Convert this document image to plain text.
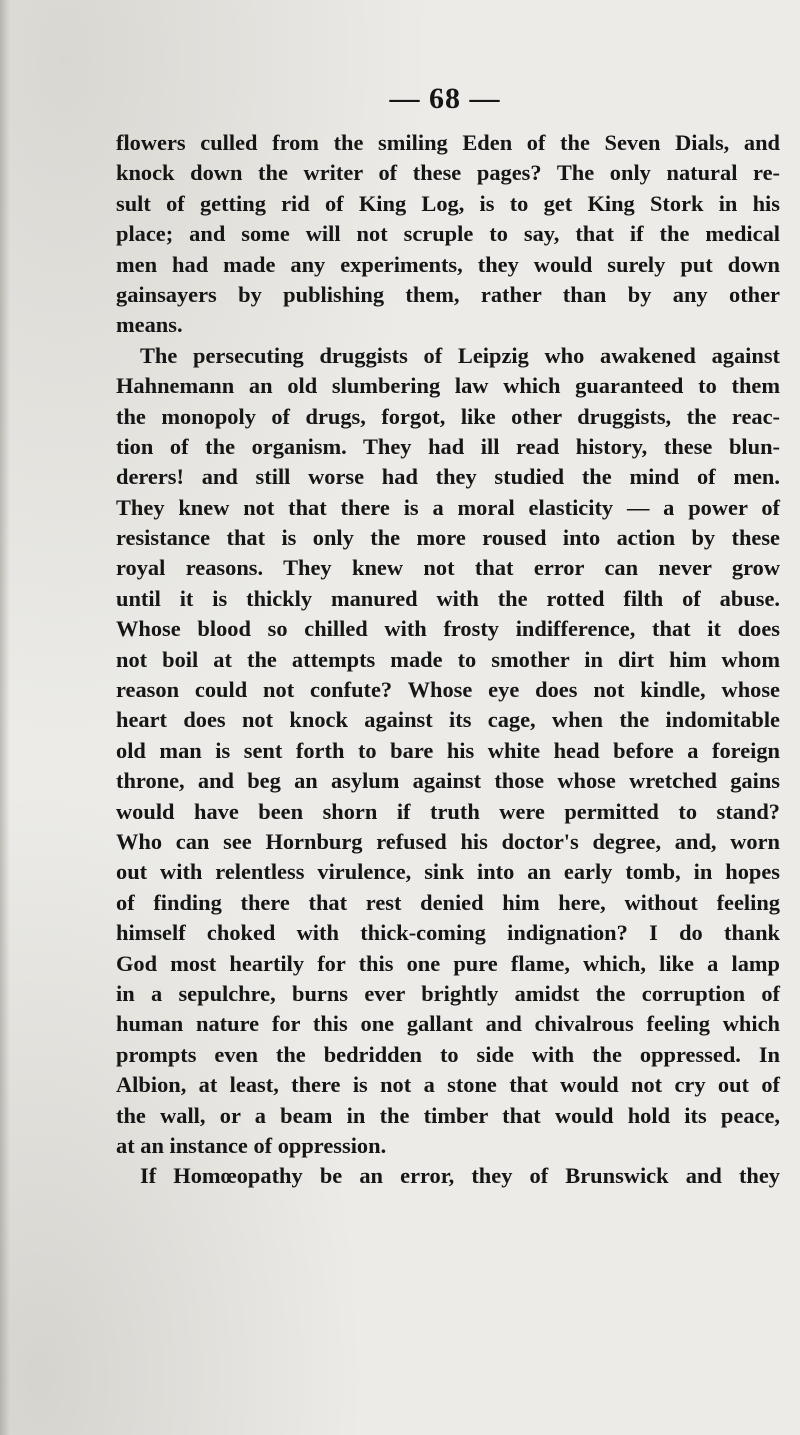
— 68 —
flowers culled from the smiling Eden of the Seven Dials, and
knock down the writer of these pages? The only natural re-
sult of getting rid of King Log, is to get King Stork in his
place; and some will not scruple to say, that if the medical
men had made any experiments, they would surely put down
gainsayers by publishing them, rather than by any other
means.
The persecuting druggists of Leipzig who awakened against
Hahnemann an old slumbering law which guaranteed to them
the monopoly of drugs, forgot, like other druggists, the reac-
tion of the organism. They had ill read history, these blun-
derers! and still worse had they studied the mind of men.
They knew not that there is a moral elasticity — a power of
resistance that is only the more roused into action by these
royal reasons. They knew not that error can never grow
until it is thickly manured with the rotted filth of abuse.
Whose blood so chilled with frosty indifference, that it does
not boil at the attempts made to smother in dirt him whom
reason could not confute? Whose eye does not kindle, whose
heart does not knock against its cage, when the indomitable
old man is sent forth to bare his white head before a foreign
throne, and beg an asylum against those whose wretched gains
would have been shorn if truth were permitted to stand?
Who can see Hornburg refused his doctor's degree, and, worn
out with relentless virulence, sink into an early tomb, in hopes
of finding there that rest denied him here, without feeling
himself choked with thick-coming indignation? I do thank
God most heartily for this one pure flame, which, like a lamp
in a sepulchre, burns ever brightly amidst the corruption of
human nature for this one gallant and chivalrous feeling which
prompts even the bedridden to side with the oppressed. In
Albion, at least, there is not a stone that would not cry out of
the wall, or a beam in the timber that would hold its peace,
at an instance of oppression.
If Homœopathy be an error, they of Brunswick and they
